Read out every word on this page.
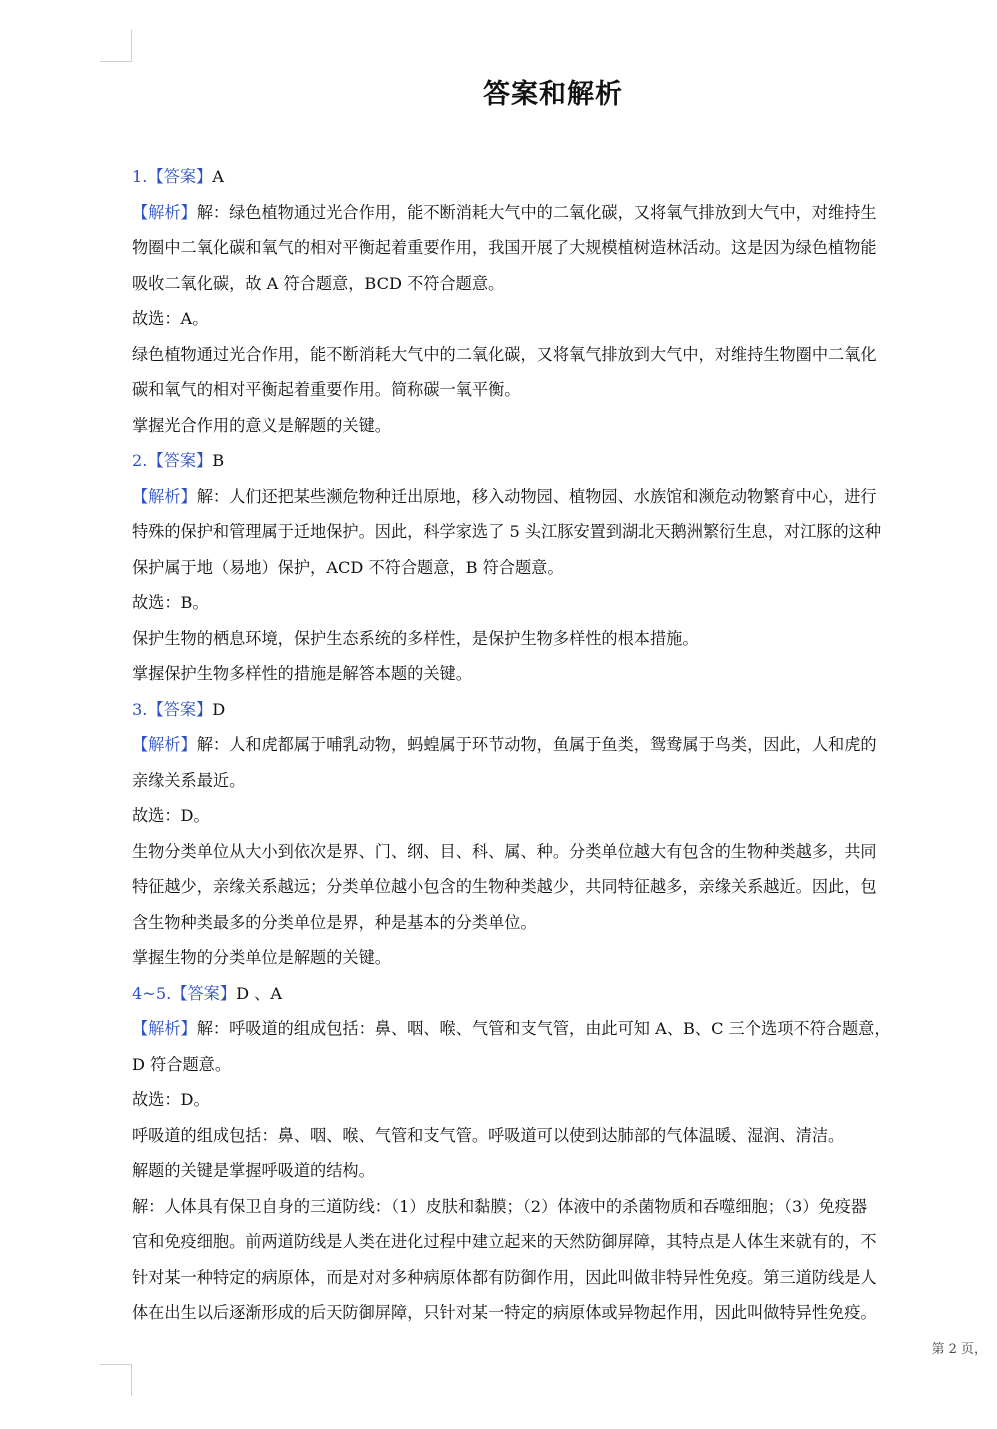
答案和解析
1.【答案】A
【解析】解：绿色植物通过光合作用，能不断消耗大气中的二氧化碳，又将氧气排放到大气中，对维持生
物圈中二氧化碳和氧气的相对平衡起着重要作用，我国开展了大规模植树造林活动。这是因为绿色植物能
吸收二氧化碳，故 A 符合题意，BCD 不符合题意。
故选：A。
绿色植物通过光合作用，能不断消耗大气中的二氧化碳，又将氧气排放到大气中，对维持生物圈中二氧化
碳和氧气的相对平衡起着重要作用。简称碳一氧平衡。
掌握光合作用的意义是解题的关键。
2.【答案】B
【解析】解：人们还把某些濒危物种迁出原地，移入动物园、植物园、水族馆和濒危动物繁育中心，进行
特殊的保护和管理属于迁地保护。因此，科学家选了 5 头江豚安置到湖北天鹅洲繁衍生息，对江豚的这种
保护属于地（易地）保护，ACD 不符合题意，B 符合题意。
故选：B。
保护生物的栖息环境，保护生态系统的多样性，是保护生物多样性的根本措施。
掌握保护生物多样性的措施是解答本题的关键。
3.【答案】D
【解析】解：人和虎都属于哺乳动物，蚂蝗属于环节动物，鱼属于鱼类，鸳鸯属于鸟类，因此，人和虎的
亲缘关系最近。
故选：D。
生物分类单位从大小到依次是界、门、纲、目、科、属、种。分类单位越大有包含的生物种类越多，共同
特征越少，亲缘关系越远；分类单位越小包含的生物种类越少，共同特征越多，亲缘关系越近。因此，包
含生物种类最多的分类单位是界，种是基本的分类单位。
掌握生物的分类单位是解题的关键。
4~5.【答案】D 、A
【解析】解：呼吸道的组成包括：鼻、咽、喉、气管和支气管，由此可知 A、B、C 三个选项不符合题意，
D 符合题意。
故选：D。
呼吸道的组成包括：鼻、咽、喉、气管和支气管。呼吸道可以使到达肺部的气体温暖、湿润、清洁。
解题的关键是掌握呼吸道的结构。
解：人体具有保卫自身的三道防线：（1）皮肤和黏膜；（2）体液中的杀菌物质和吞噬细胞；（3）免疫器
官和免疫细胞。前两道防线是人类在进化过程中建立起来的天然防御屏障，其特点是人体生来就有的，不
针对某一种特定的病原体，而是对对多种病原体都有防御作用，因此叫做非特异性免疫。第三道防线是人
体在出生以后逐渐形成的后天防御屏障，只针对某一特定的病原体或异物起作用，因此叫做特异性免疫。
第 2 页，
